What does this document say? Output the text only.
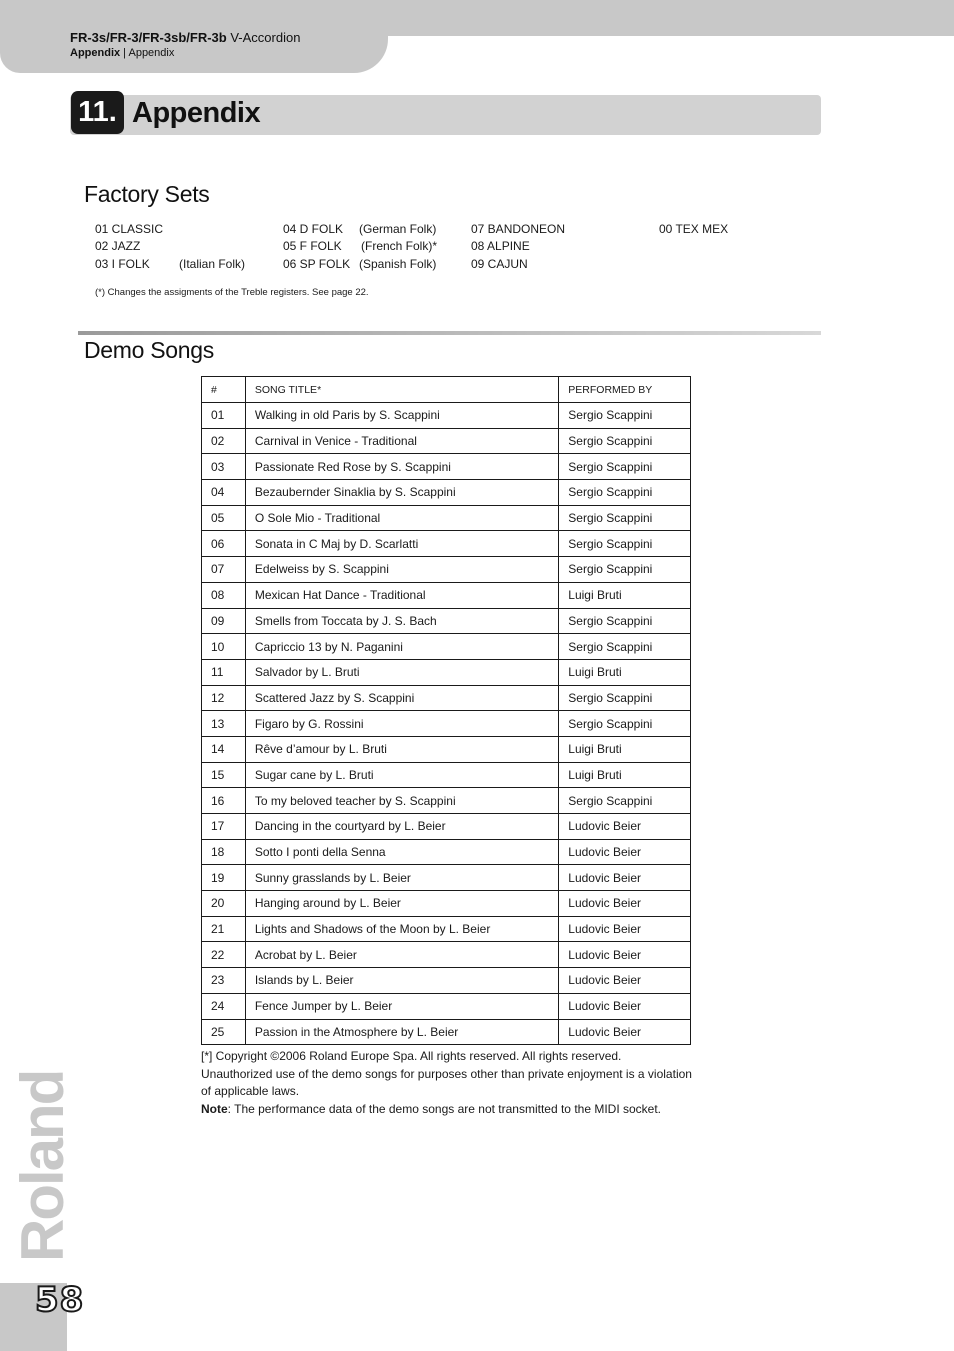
FR-3s/FR-3/FR-3sb/FR-3b V-Accordion
Appendix | Appendix
11. Appendix
Factory Sets
01 CLASSIC
02 JAZZ
03 I FOLK (Italian Folk)
04 D FOLK (German Folk)
05 F FOLK (French Folk)*
06 SP FOLK (Spanish Folk)
07 BANDONEON
08 ALPINE
09 CAJUN
00 TEX MEX
(*) Changes the assigments of the Treble registers. See page 22.
Demo Songs
#	SONG TITLE*	PERFORMED BY
01	Walking in old Paris by S. Scappini	Sergio Scappini
02	Carnival in Venice - Traditional	Sergio Scappini
03	Passionate Red Rose by S. Scappini	Sergio Scappini
04	Bezaubernder Sinaklia by S. Scappini	Sergio Scappini
05	O Sole Mio - Traditional	Sergio Scappini
06	Sonata in C Maj by D. Scarlatti	Sergio Scappini
07	Edelweiss by S. Scappini	Sergio Scappini
08	Mexican Hat Dance - Traditional	Luigi Bruti
09	Smells from Toccata by J. S. Bach	Sergio Scappini
10	Capriccio 13 by N. Paganini	Sergio Scappini
11	Salvador by L. Bruti	Luigi Bruti
12	Scattered Jazz by S. Scappini	Sergio Scappini
13	Figaro by G. Rossini	Sergio Scappini
14	Rêve d’amour by L. Bruti	Luigi Bruti
15	Sugar cane by L. Bruti	Luigi Bruti
16	To my beloved teacher by S. Scappini	Sergio Scappini
17	Dancing in the courtyard by L. Beier	Ludovic Beier
18	Sotto I ponti della Senna	Ludovic Beier
19	Sunny grasslands by L. Beier	Ludovic Beier
20	Hanging around by L. Beier	Ludovic Beier
21	Lights and Shadows of the Moon by L. Beier	Ludovic Beier
22	Acrobat by L. Beier	Ludovic Beier
23	Islands by L. Beier	Ludovic Beier
24	Fence Jumper by L. Beier	Ludovic Beier
25	Passion in the Atmosphere by L. Beier	Ludovic Beier

[*] Copyright ©2006 Roland Europe Spa. All rights reserved. All rights reserved.

Unauthorized use of the demo songs for purposes other than private enjoyment is a violation of applicable laws.

Note: The performance data of the demo songs are not transmitted to the MIDI socket.

Roland
58
